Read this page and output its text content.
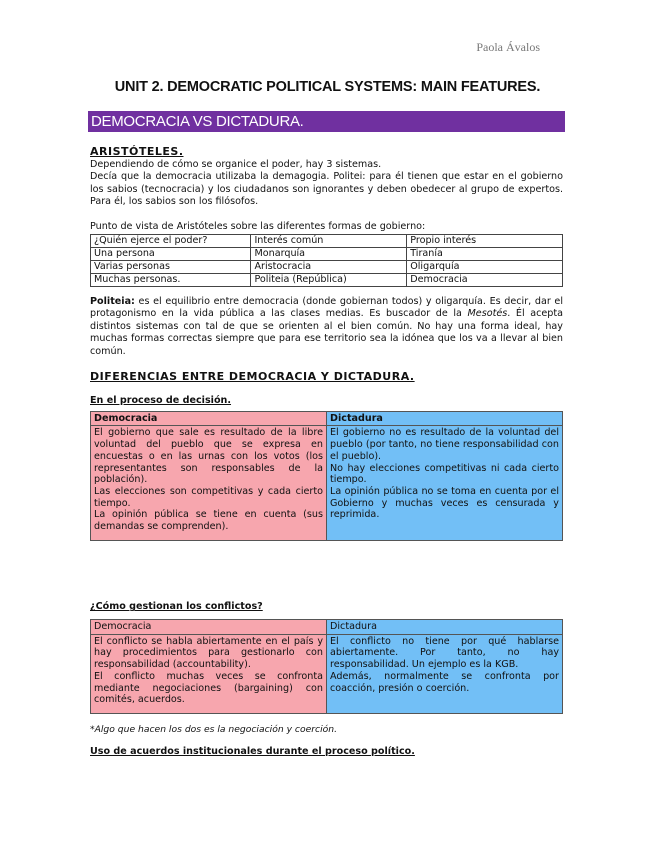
Paola Ávalos
UNIT 2. DEMOCRATIC POLITICAL SYSTEMS: MAIN FEATURES.
DEMOCRACIA VS DICTADURA.
ARISTÓTELES.

Dependiendo de cómo se organice el poder, hay 3 sistemas.

Decía que la democracia utilizaba la demagogia. Politei: para él tienen que estar en el gobierno los sabios (tecnocracia) y los ciudadanos son ignorantes y deben obedecer al grupo de expertos. Para él, los sabios son los filósofos.

Punto de vista de Aristóteles sobre las diferentes formas de gobierno:

¿Quién ejerce el poder?	Interés común	Propio interés
Una persona	Monarquía	Tiranía
Varias personas	Aristocracia	Oligarquía
Muchas personas.	Politeia (República)	Democracia

Politeia: es el equilibrio entre democracia (donde gobiernan todos) y oligarquía. Es decir, dar el protagonismo en la vida pública a las clases medias. Es buscador de la Mesotés. Él acepta distintos sistemas con tal de que se orienten al el bien común. No hay una forma ideal, hay muchas formas correctas siempre que para ese territorio sea la idónea que los va a llevar al bien común.

DIFERENCIAS ENTRE DEMOCRACIA Y DICTADURA.
En el proceso de decisión.
Democracia	Dictadura

El gobierno que sale es resultado de la libre voluntad del pueblo que se expresa en encuestas o en las urnas con los votos (los representantes son responsables de la población).
Las elecciones son competitivas y cada cierto tiempo.
La opinión pública se tiene en cuenta (sus demandas se comprenden).

El gobierno no es resultado de la voluntad del pueblo (por tanto, no tiene responsabilidad con el pueblo).
No hay elecciones competitivas ni cada cierto tiempo.
La opinión pública no se toma en cuenta por el Gobierno y muchas veces es censurada y reprimida.
¿Cómo gestionan los conflictos?
Democracia	Dictadura

El conflicto se habla abiertamente en el país y hay procedimientos para gestionarlo con responsabilidad (accountability).
El conflicto muchas veces se confronta mediante negociaciones (bargaining) con comités, acuerdos.

El conflicto no tiene por qué hablarse abiertamente. Por tanto, no hay responsabilidad. Un ejemplo es la KGB.
Además, normalmente se confronta por coacción, presión o coerción.

*Algo que hacen los dos es la negociación y coerción.

Uso de acuerdos institucionales durante el proceso político.
